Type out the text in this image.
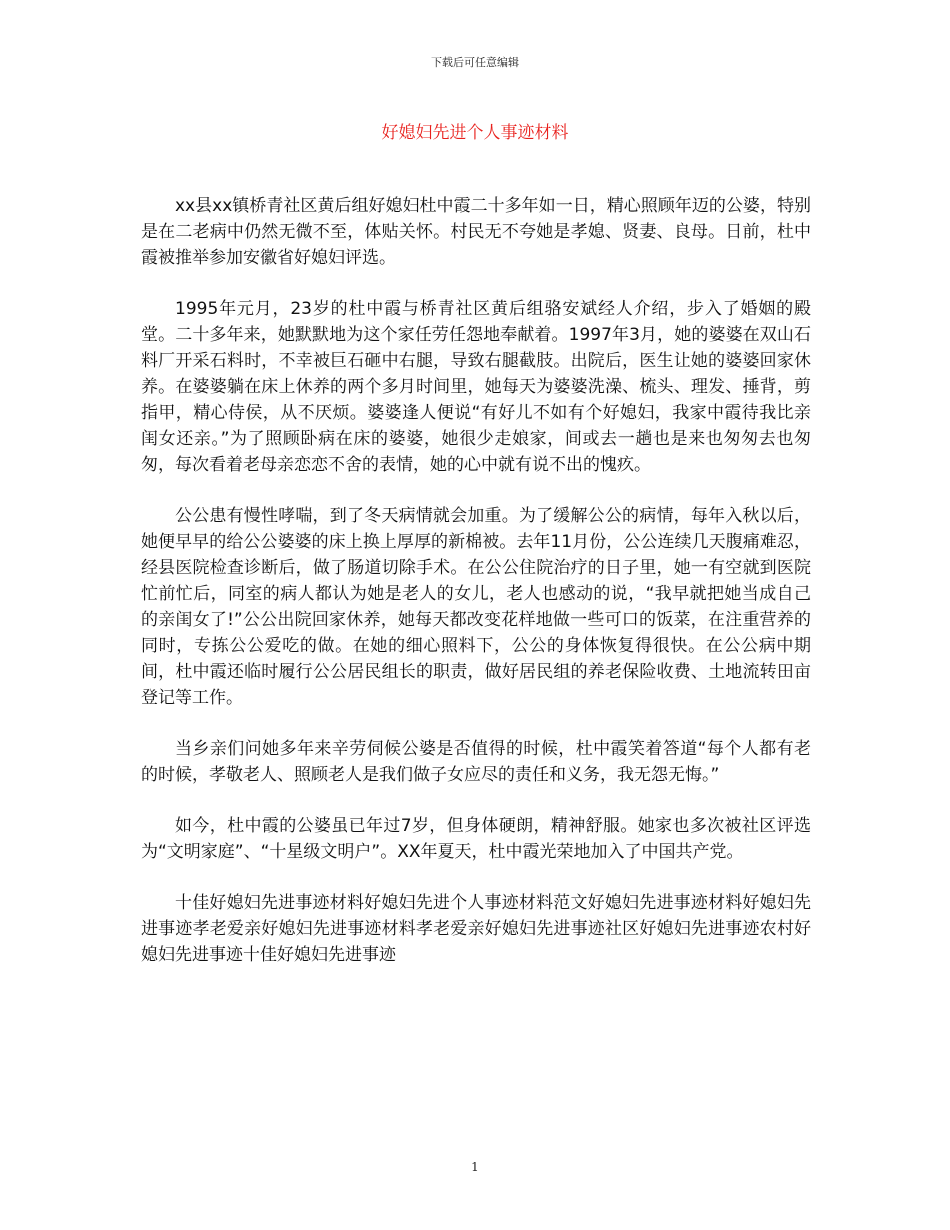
下载后可任意编辑
好媳妇先进个人事迹材料

xx县xx镇桥青社区黄后组好媳妇杜中霞二十多年如一日，精心照顾年迈的公婆，特别是在二老病中仍然无微不至，体贴关怀。村民无不夸她是孝媳、贤妻、良母。日前，杜中霞被推举参加安徽省好媳妇评选。

1995年元月，23岁的杜中霞与桥青社区黄后组骆安斌经人介绍，步入了婚姻的殿堂。二十多年来，她默默地为这个家任劳任怨地奉献着。1997年3月，她的婆婆在双山石料厂开采石料时，不幸被巨石砸中右腿，导致右腿截肢。出院后，医生让她的婆婆回家休养。在婆婆躺在床上休养的两个多月时间里，她每天为婆婆洗澡、梳头、理发、捶背，剪指甲，精心侍侯，从不厌烦。婆婆逢人便说“有好儿不如有个好媳妇，我家中霞待我比亲闺女还亲。”为了照顾卧病在床的婆婆，她很少走娘家，间或去一趟也是来也匆匆去也匆匆，每次看着老母亲恋恋不舍的表情，她的心中就有说不出的愧疚。

公公患有慢性哮喘，到了冬天病情就会加重。为了缓解公公的病情，每年入秋以后，她便早早的给公公婆婆的床上换上厚厚的新棉被。去年11月份，公公连续几天腹痛难忍，经县医院检查诊断后，做了肠道切除手术。在公公住院治疗的日子里，她一有空就到医院忙前忙后，同室的病人都认为她是老人的女儿，老人也感动的说，“我早就把她当成自己的亲闺女了!”公公出院回家休养，她每天都改变花样地做一些可口的饭菜，在注重营养的同时，专拣公公爱吃的做。在她的细心照料下，公公的身体恢复得很快。在公公病中期间，杜中霞还临时履行公公居民组长的职责，做好居民组的养老保险收费、土地流转田亩登记等工作。

当乡亲们问她多年来辛劳伺候公婆是否值得的时候，杜中霞笑着答道“每个人都有老的时候，孝敬老人、照顾老人是我们做子女应尽的责任和义务，我无怨无悔。”

如今，杜中霞的公婆虽已年过7岁，但身体硬朗，精神舒服。她家也多次被社区评选为“文明家庭”、“十星级文明户”。XX年夏天，杜中霞光荣地加入了中国共产党。

十佳好媳妇先进事迹材料好媳妇先进个人事迹材料范文好媳妇先进事迹材料好媳妇先进事迹孝老爱亲好媳妇先进事迹材料孝老爱亲好媳妇先进事迹社区好媳妇先进事迹农村好媳妇先进事迹十佳好媳妇先进事迹

1
